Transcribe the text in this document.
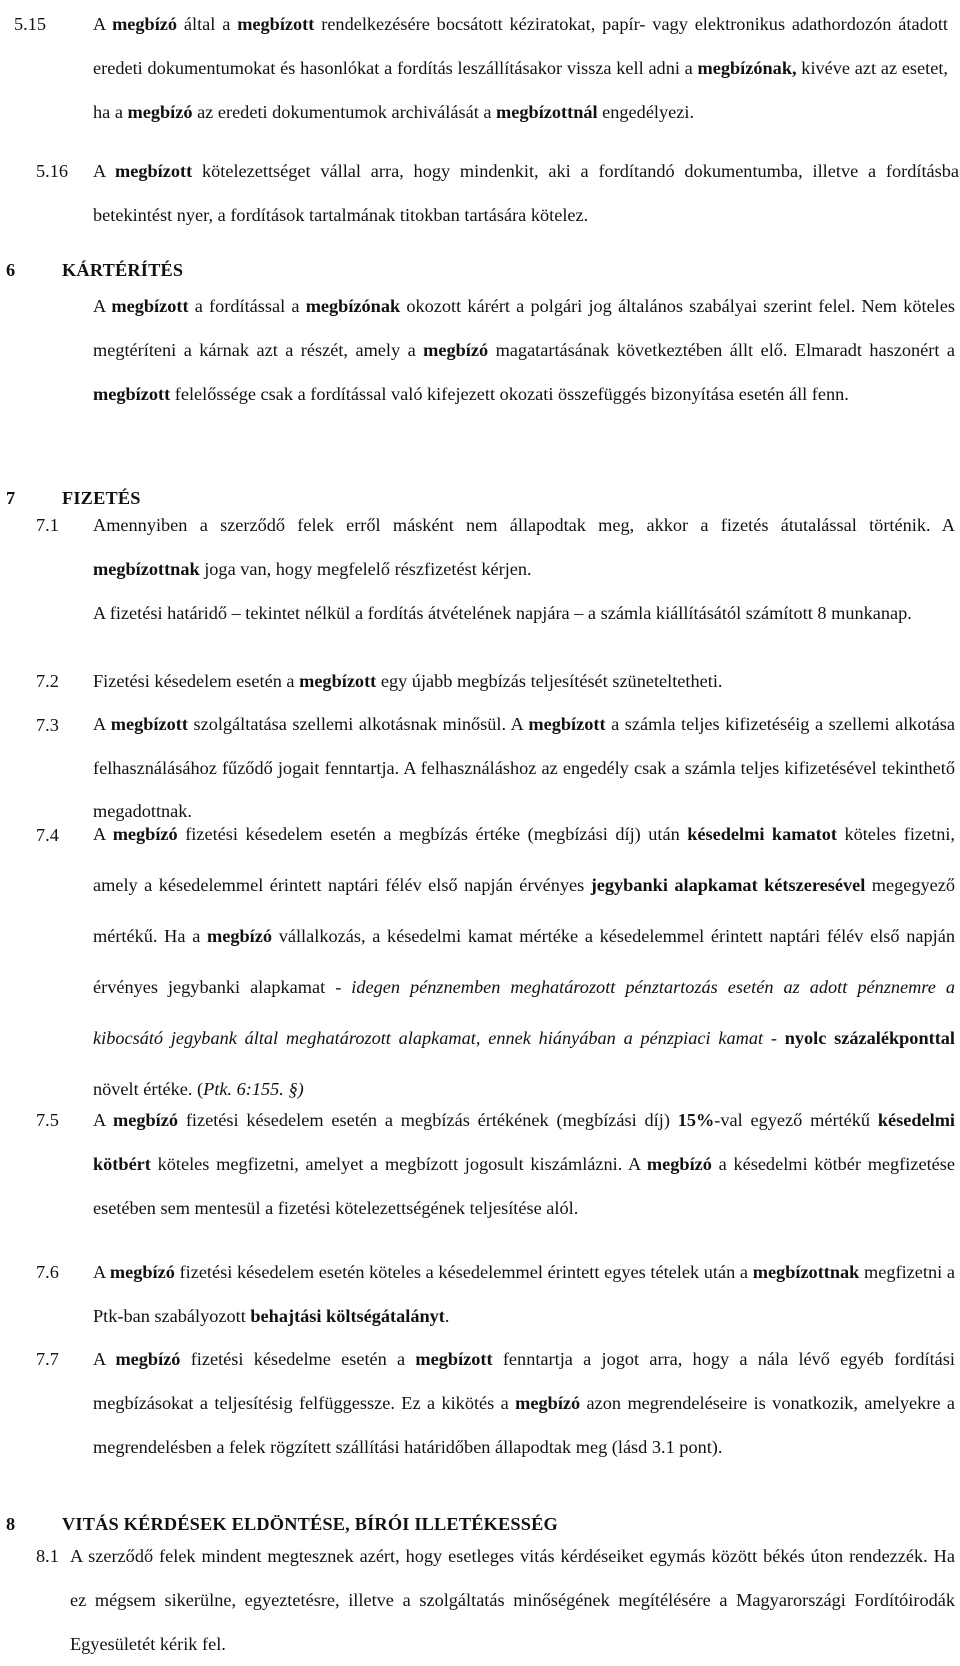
5.15	A megbízó által a megbízott rendelkezésére bocsátott kéziratokat, papír- vagy elektronikus adathordozón átadott eredeti dokumentumokat és hasonlókat a fordítás leszállításakor vissza kell adni a megbízónak, kivéve azt az esetet, ha a megbízó az eredeti dokumentumok archiválását a megbízottnál engedélyezi.
5.16 A megbízott kötelezettséget vállal arra, hogy mindenkit, aki a fordítandó dokumentumba, illetve a fordításba betekintést nyer, a fordítások tartalmának titokban tartására kötelez.
6	KÁRTÉRÍTÉS
A megbízott a fordítással a megbízónak okozott kárért a polgári jog általános szabályai szerint felel. Nem köteles megtéríteni a kárnak azt a részét, amely a megbízó magatartásának következtében állt elő. Elmaradt haszonért a megbízott felelőssége csak a fordítással való kifejezett okozati összefüggés bizonyítása esetén áll fenn.
7	FIZETÉS
7.1 Amennyiben a szerződő felek erről másként nem állapodtak meg, akkor a fizetés átutalással történik. A megbízottnak joga van, hogy megfelelő részfizetést kérjen.
A fizetési határidő – tekintet nélkül a fordítás átvételének napjára – a számla kiállításától számított 8 munkanap.
7.2 Fizetési késedelem esetén a megbízott egy újabb megbízás teljesítését szüneteltetheti.
7.3 A megbízott szolgáltatása szellemi alkotásnak minősül. A megbízott a számla teljes kifizetéséig a szellemi alkotása felhasználásához fűződő jogait fenntartja. A felhasználáshoz az engedély csak a számla teljes kifizetésével tekinthető megadottnak.
7.4 A megbízó fizetési késedelem esetén a megbízás értéke (megbízási díj) után késedelmi kamatot köteles fizetni, amely a késedelemmel érintett naptári félév első napján érvényes jegybanki alapkamat kétszeresével megegyező mértékű. Ha a megbízó vállalkozás, a késedelmi kamat mértéke a késedelemmel érintett naptári félév első napján érvényes jegybanki alapkamat - idegen pénznemben meghatározott pénztartozás esetén az adott pénznemre a kibocsátó jegybank által meghatározott alapkamat, ennek hiányában a pénzpiaci kamat - nyolc százalékponttal növelt értéke. (Ptk. 6:155. §)
7.5 A megbízó fizetési késedelem esetén a megbízás értékének (megbízási díj) 15%-val egyező mértékű késedelmi kötbért köteles megfizetni, amelyet a megbízott jogosult kiszámlázni. A megbízó a késedelmi kötbér megfizetése esetében sem mentesül a fizetési kötelezettségének teljesítése alól.
7.6 A megbízó fizetési késedelem esetén köteles a késedelemmel érintett egyes tételek után a megbízottnak megfizetni a Ptk-ban szabályozott behajtási költségátalányt.
7.7 A megbízó fizetési késedelme esetén a megbízott fenntartja a jogot arra, hogy a nála lévő egyéb fordítási megbízásokat a teljesítésig felfüggessze. Ez a kikötés a megbízó azon megrendeléseire is vonatkozik, amelyekre a megrendelésben a felek rögzített szállítási határidőben állapodtak meg (lásd 3.1 pont).
8	VITÁS KÉRDÉSEK ELDÖNTÉSE, BÍRÓI ILLETÉKESSÉG
8.1 A szerződő felek mindent megtesznek azért, hogy esetleges vitás kérdéseiket egymás között békés úton rendezzék. Ha ez mégsem sikerülne, egyeztetésre, illetve a szolgáltatás minőségének megítélésére a Magyarországi Fordítóirodák Egyesületét kérik fel.
